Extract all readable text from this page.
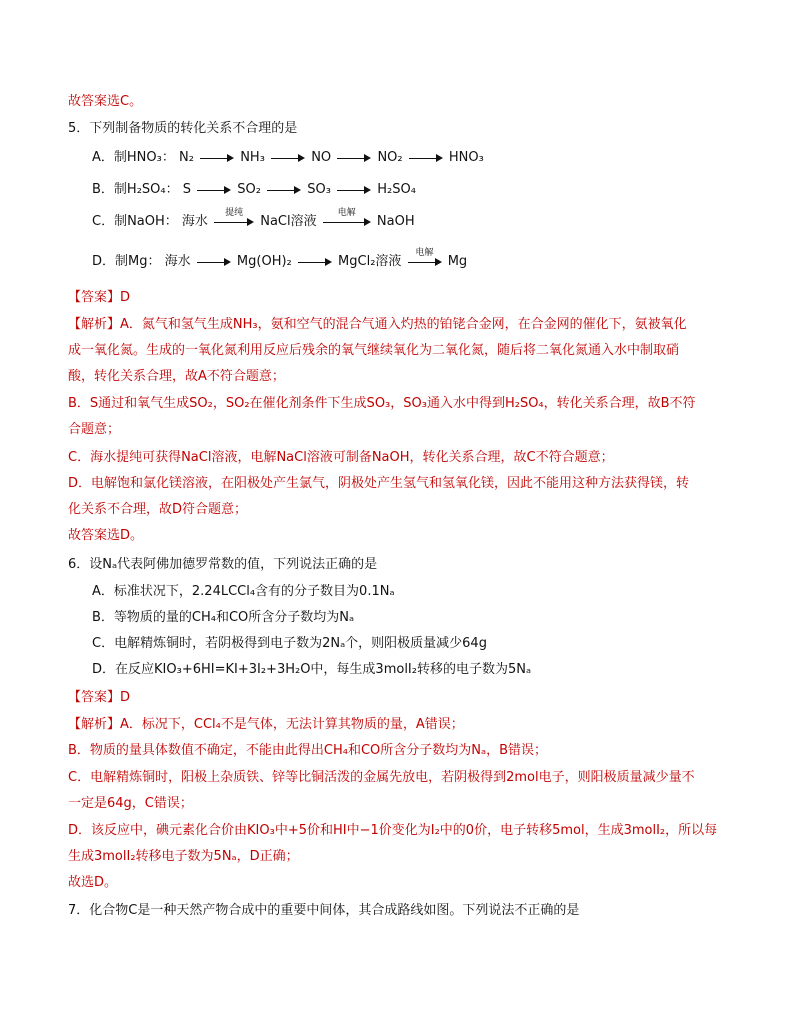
故答案选C。
5．下列制备物质的转化关系不合理的是
A．制HNO₃： N₂	NH₃	NO	NO₂	HNO₃
B．制H₂SO₄： S	SO₂	SO₃	H₂SO₄
C．制NaOH： 海水
提纯
NaCl溶液
电解
NaOH
D．制Mg： 海水	Mg(OH)₂	MgCl₂溶液
电解
Mg
【答案】D
【解析】A．氮气和氢气生成NH₃，氨和空气的混合气通入灼热的铂铑合金网，在合金网的催化下，氨被氧化
成一氧化氮。生成的一氧化氮利用反应后残余的氧气继续氧化为二氧化氮，随后将二氧化氮通入水中制取硝
酸，转化关系合理，故A不符合题意；
B．S通过和氧气生成SO₂，SO₂在催化剂条件下生成SO₃，SO₃通入水中得到H₂SO₄，转化关系合理，故B不符
合题意；
C．海水提纯可获得NaCl溶液，电解NaCl溶液可制备NaOH，转化关系合理，故C不符合题意；
D．电解饱和氯化镁溶液，在阳极处产生氯气，阴极处产生氢气和氢氧化镁，因此不能用这种方法获得镁，转
化关系不合理，故D符合题意；
故答案选D。
6．设Nₐ代表阿佛加德罗常数的值，下列说法正确的是
A．标准状况下，2.24LCCl₄含有的分子数目为0.1Nₐ
B．等物质的量的CH₄和CO所含分子数均为Nₐ
C．电解精炼铜时，若阴极得到电子数为2Nₐ个，则阳极质量减少64g
D．在反应KIO₃+6HI=KI+3I₂+3H₂O中，每生成3molI₂转移的电子数为5Nₐ
【答案】D
【解析】A．标况下，CCl₄不是气体，无法计算其物质的量，A错误；
B．物质的量具体数值不确定，不能由此得出CH₄和CO所含分子数均为Nₐ，B错误；
C．电解精炼铜时，阳极上杂质铁、锌等比铜活泼的金属先放电，若阴极得到2mol电子，则阳极质量减少量不
一定是64g，C错误；
D．该反应中，碘元素化合价由KIO₃中+5价和HI中−1价变化为I₂中的0价，电子转移5mol，生成3molI₂，所以每
生成3molI₂转移电子数为5Nₐ，D正确；
故选D。
7．化合物C是一种天然产物合成中的重要中间体，其合成路线如图。下列说法不正确的是
